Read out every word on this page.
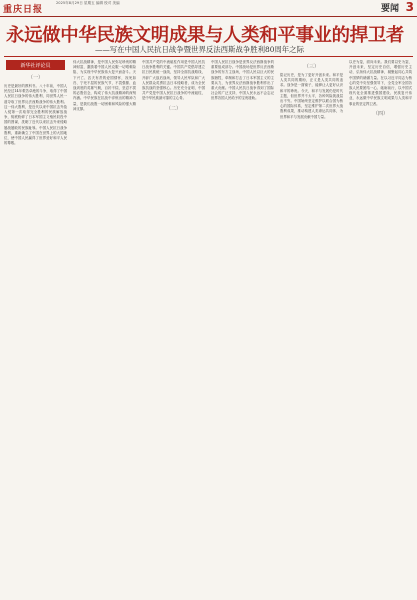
重庆日报
2025年8月29日 星期五 编辑 校对 美编
要闻 3
永远做中华民族文明成果与人类和平事业的捍卫者
——写在中国人民抗日战争暨世界反法西斯战争胜利80周年之际
新华社评论员
（一）
历史是最好的教科书。八十年前，中国人民经过14年艰苦卓绝的斗争，取得了中国人民抗日战争的伟大胜利，同世界人民一道夺取了世界反法西斯战争的伟大胜利。这一伟大胜利，是近代以来中国抗击外敌入侵第一次取得完全胜利的民族解放战争，彻底粉碎了日本军国主义殖民奴役中国的图谋，洗刷了近代以来抗击外来侵略屡战屡败的民族耻辱。中国人民抗日战争胜利，重新确立了中国在世界上的大国地位，使中国人民赢得了世界爱好和平人民的尊敬。
伟大抗战精神，是中国人民弥足珍贵的精神财富，激励着中国人民克服一切艰难险阻、为实现中华民族伟大复兴而奋斗。天下兴亡、匹夫有责的爱国情怀，视死如归、宁死不屈的民族气节，不畏强暴、血战到底的英雄气概，百折不挠、坚忍不拔的必胜信念，构成了伟大抗战精神的深刻内涵。中华民族在抗战中淬炼出的精神力量，是我们战胜一切困难和风险的强大精神支撑。
中国共产党的中流砥柱作用是中国人民抗日战争胜利的关键。中国共产党倡导建立抗日民族统一战线，坚持全面抗战路线，开辟广大敌后战场，领导人民军队和广大人民群众英勇抗击日本侵略者，成为全民族抗战的坚强核心。历史充分证明，中国共产党是中国人民抗日战争的中流砥柱，是中华民族最可靠的主心骨。
（二）
中国人民抗日战争是世界反法西斯战争的重要组成部分。中国战场是世界反法西斯战争的东方主战场，中国人民以巨大的民族牺牲，牵制和打击了日本军国主义的主要兵力，为世界反法西斯战争胜利作出了重大贡献。中国人民抗日战争得到了国际社会的广泛支持，中国人民永远不会忘记世界各国人民给予的宝贵援助。
（三）
铭记历史，是为了更好开创未来。和平是人类共同的期盼，正义是人类共同的追求。战争是一面镜子，能够让人更好认识和平的珍贵。今天，和平与发展仍是时代主题，但世界并不太平，各种风险挑战层出不穷。中国始终坚定维护以联合国为核心的国际体系，坚定维护第二次世界大战胜利成果，推动构建人类命运共同体，为世界和平与发展贡献中国力量。
以史为鉴，面向未来。我们要以史为鉴、开创未来，坚定历史自信，增强历史主动，弘扬伟大抗战精神，凝聚起同心共筑中国梦的磅礴力量。在以习近平同志为核心的党中央坚强领导下，全党全军全国各族人民要团结一心、砥砺前行，以中国式现代化全面推进强国建设、民族复兴伟业，永远做中华民族文明成果与人类和平事业的坚定捍卫者。
（四）
